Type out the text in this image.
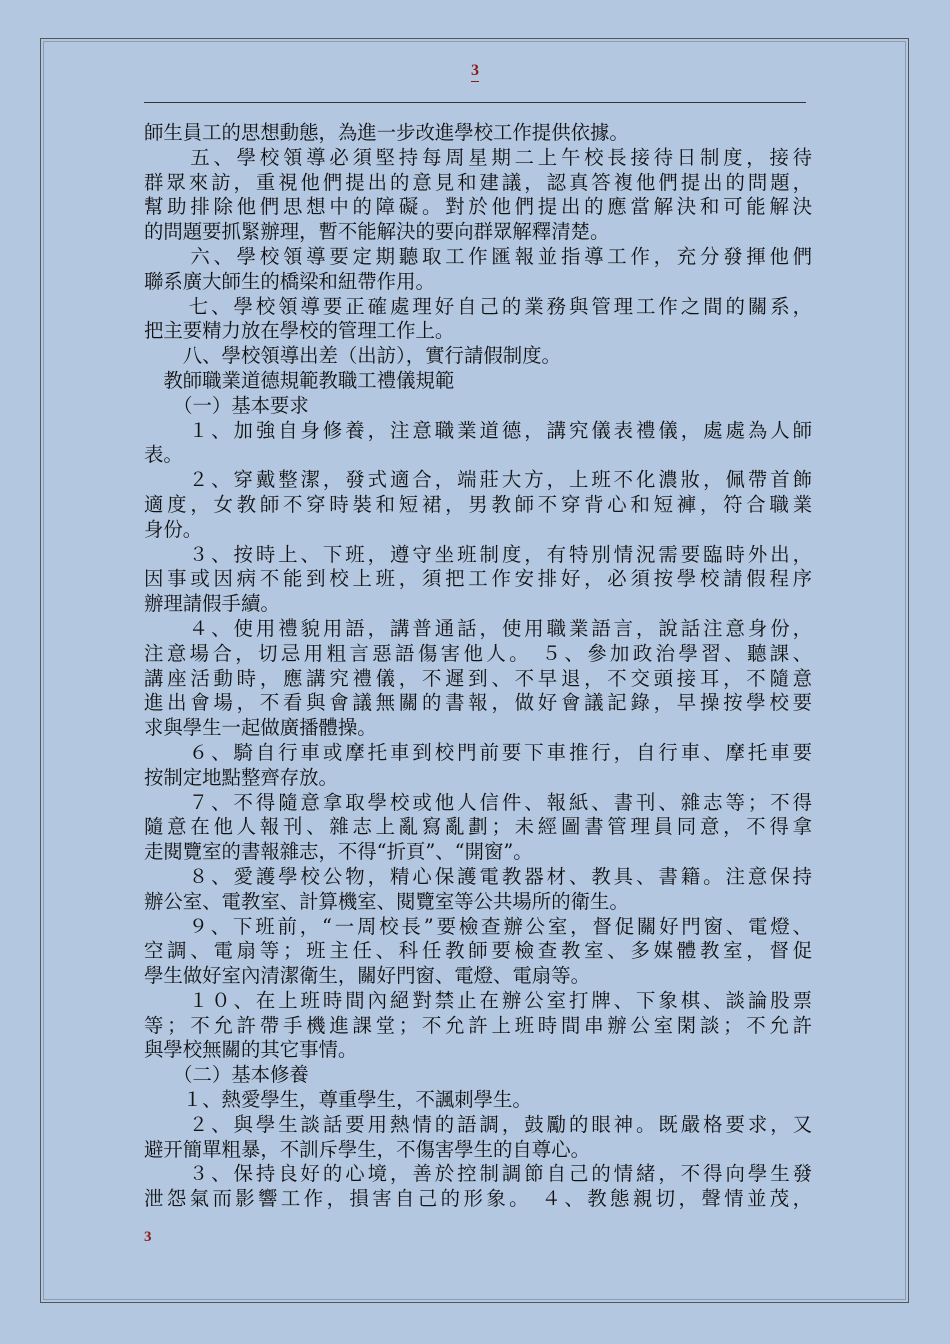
3
師生員工的思想動態，為進一步改進學校工作提供依據。
　　五、學校領導必須堅持每周星期二上午校長接待日制度，接待
群眾來訪，重視他們提出的意見和建議，認真答複他們提出的問題，
幫助排除他們思想中的障礙。對於他們提出的應當解決和可能解決
的問題要抓緊辦理，暫不能解決的要向群眾解釋清楚。
　　六、學校領導要定期聽取工作匯報並指導工作，充分發揮他們
聯系廣大師生的橋梁和紐帶作用。
　　七、學校領導要正確處理好自己的業務與管理工作之間的關系，
把主要精力放在學校的管理工作上。
　　八、學校領導出差（出訪），實行請假制度。
　教師職業道德規範教職工禮儀規範
　　（一）基本要求
　　１、加強自身修養，注意職業道德，講究儀表禮儀，處處為人師
表。
　　２、穿戴整潔，發式適合，端莊大方，上班不化濃妝，佩帶首飾
適度，女教師不穿時裝和短裙，男教師不穿背心和短褲，符合職業
身份。
　　３、按時上、下班，遵守坐班制度，有特別情況需要臨時外出，
因事或因病不能到校上班，須把工作安排好，必須按學校請假程序
辦理請假手續。
　　４、使用禮貌用語，講普通話，使用職業語言，說話注意身份，
注意場合，切忌用粗言惡語傷害他人。 ５、參加政治學習、聽課、
講座活動時，應講究禮儀，不遲到、不早退，不交頭接耳，不隨意
進出會場，不看與會議無關的書報，做好會議記錄，早操按學校要
求與學生一起做廣播體操。
　　６、騎自行車或摩托車到校門前要下車推行，自行車、摩托車要
按制定地點整齊存放。
　　７、不得隨意拿取學校或他人信件、報紙、書刊、雜志等；不得
隨意在他人報刊、雜志上亂寫亂劃；未經圖書管理員同意，不得拿
走閱覽室的書報雜志，不得“折頁”、“開窗”。
　　８、愛護學校公物，精心保護電教器材、教具、書籍。注意保持
辦公室、電教室、計算機室、閱覽室等公共場所的衛生。
　　９、下班前，“一周校長”要檢查辦公室，督促關好門窗、電燈、
空調、電扇等；班主任、科任教師要檢查教室、多媒體教室，督促
學生做好室內清潔衛生，關好門窗、電燈、電扇等。
　　１０、在上班時間內絕對禁止在辦公室打牌、下象棋、談論股票
等；不允許帶手機進課堂；不允許上班時間串辦公室閑談；不允許
與學校無關的其它事情。
　　（二）基本修養
　　１、熱愛學生，尊重學生，不諷刺學生。
　　２、與學生談話要用熱情的語調，鼓勵的眼神。既嚴格要求，又
避开簡單粗暴，不訓斥學生，不傷害學生的自尊心。
　　３、保持良好的心境，善於控制調節自己的情緒，不得向學生發
泄怨氣而影響工作，損害自己的形象。 ４、教態親切，聲情並茂，
3
